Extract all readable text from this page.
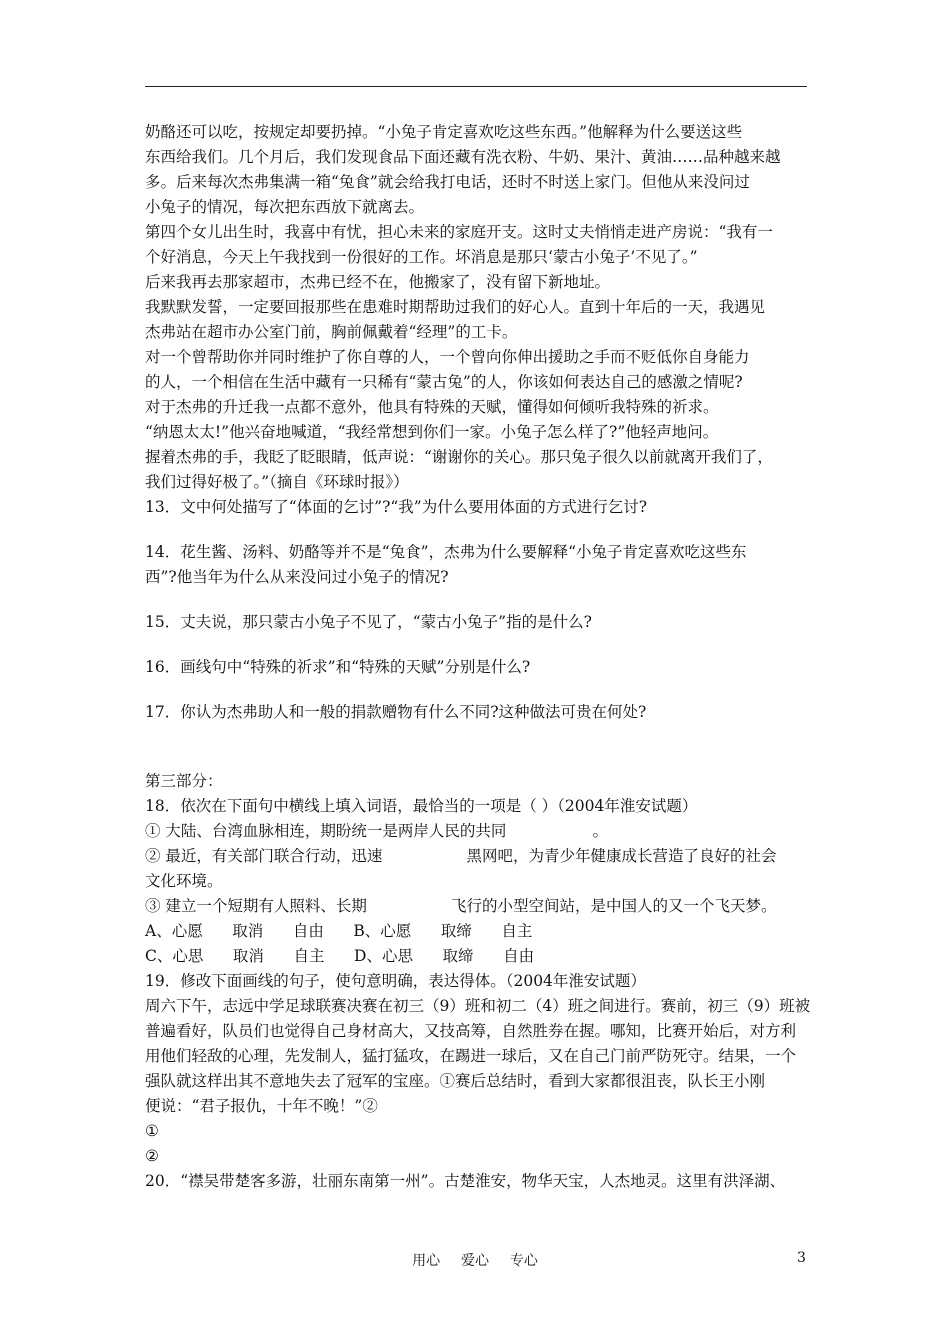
奶酪还可以吃，按规定却要扔掉。“小兔子肯定喜欢吃这些东西。”他解释为什么要送这些
东西给我们。几个月后，我们发现食品下面还藏有洗衣粉、牛奶、果汁、黄油……品种越来越
多。后来每次杰弗集满一箱“兔食”就会给我打电话，还时不时送上家门。但他从来没问过
小兔子的情况，每次把东西放下就离去。
第四个女儿出生时，我喜中有忧，担心未来的家庭开支。这时丈夫悄悄走进产房说：“我有一
个好消息，今天上午我找到一份很好的工作。坏消息是那只‘蒙古小兔子’不见了。”
后来我再去那家超市，杰弗已经不在，他搬家了，没有留下新地址。
我默默发誓，一定要回报那些在患难时期帮助过我们的好心人。直到十年后的一天，我遇见
杰弗站在超市办公室门前，胸前佩戴着“经理”的工卡。
对一个曾帮助你并同时维护了你自尊的人，一个曾向你伸出援助之手而不贬低你自身能力
的人，一个相信在生活中藏有一只稀有“蒙古兔”的人，你该如何表达自己的感激之情呢?
对于杰弗的升迁我一点都不意外，他具有特殊的天赋，懂得如何倾听我特殊的祈求。
“纳恩太太!”他兴奋地喊道，“我经常想到你们一家。小兔子怎么样了?”他轻声地问。
握着杰弗的手，我眨了眨眼睛，低声说：“谢谢你的关心。那只兔子很久以前就离开我们了，
我们过得好极了。”（摘自《环球时报》）
13．文中何处描写了“体面的乞讨”?“我”为什么要用体面的方式进行乞讨?
14．花生酱、汤料、奶酪等并不是“兔食”，杰弗为什么要解释“小兔子肯定喜欢吃这些东
西”?他当年为什么从来没问过小兔子的情况?
15．丈夫说，那只蒙古小兔子不见了，“蒙古小兔子”指的是什么?
16．画线句中“特殊的祈求”和“特殊的天赋”分别是什么?
17．你认为杰弗助人和一般的捐款赠物有什么不同?这种做法可贵在何处?
第三部分：
18．依次在下面句中横线上填入词语，最恰当的一项是（ ）（2004年淮安试题）
① 大陆、台湾血脉相连，期盼统一是两岸人民的共同	。
② 最近，有关部门联合行动，迅速	黑网吧，为青少年健康成长营造了良好的社会
文化环境。
③ 建立一个短期有人照料、长期	飞行的小型空间站，是中国人的又一个飞天梦。
A、心愿      取消      自由      B、心愿      取缔      自主
C、心思      取消      自主      D、心思      取缔      自由
19．修改下面画线的句子，使句意明确，表达得体。（2004年淮安试题）
周六下午，志远中学足球联赛决赛在初三（9）班和初二（4）班之间进行。赛前，初三（9）班被
普遍看好，队员们也觉得自己身材高大，又技高筹，自然胜券在握。哪知，比赛开始后，对方利
用他们轻敌的心理，先发制人，猛打猛攻，在踢进一球后，又在自己门前严防死守。结果，一个
强队就这样出其不意地失去了冠军的宝座。①赛后总结时，看到大家都很沮丧，队长王小刚
便说：“君子报仇，十年不晚！”②
①
②
20．“襟吴带楚客多游，壮丽东南第一州”。古楚淮安，物华天宝，人杰地灵。这里有洪泽湖、
用心  爱心  专心	3
